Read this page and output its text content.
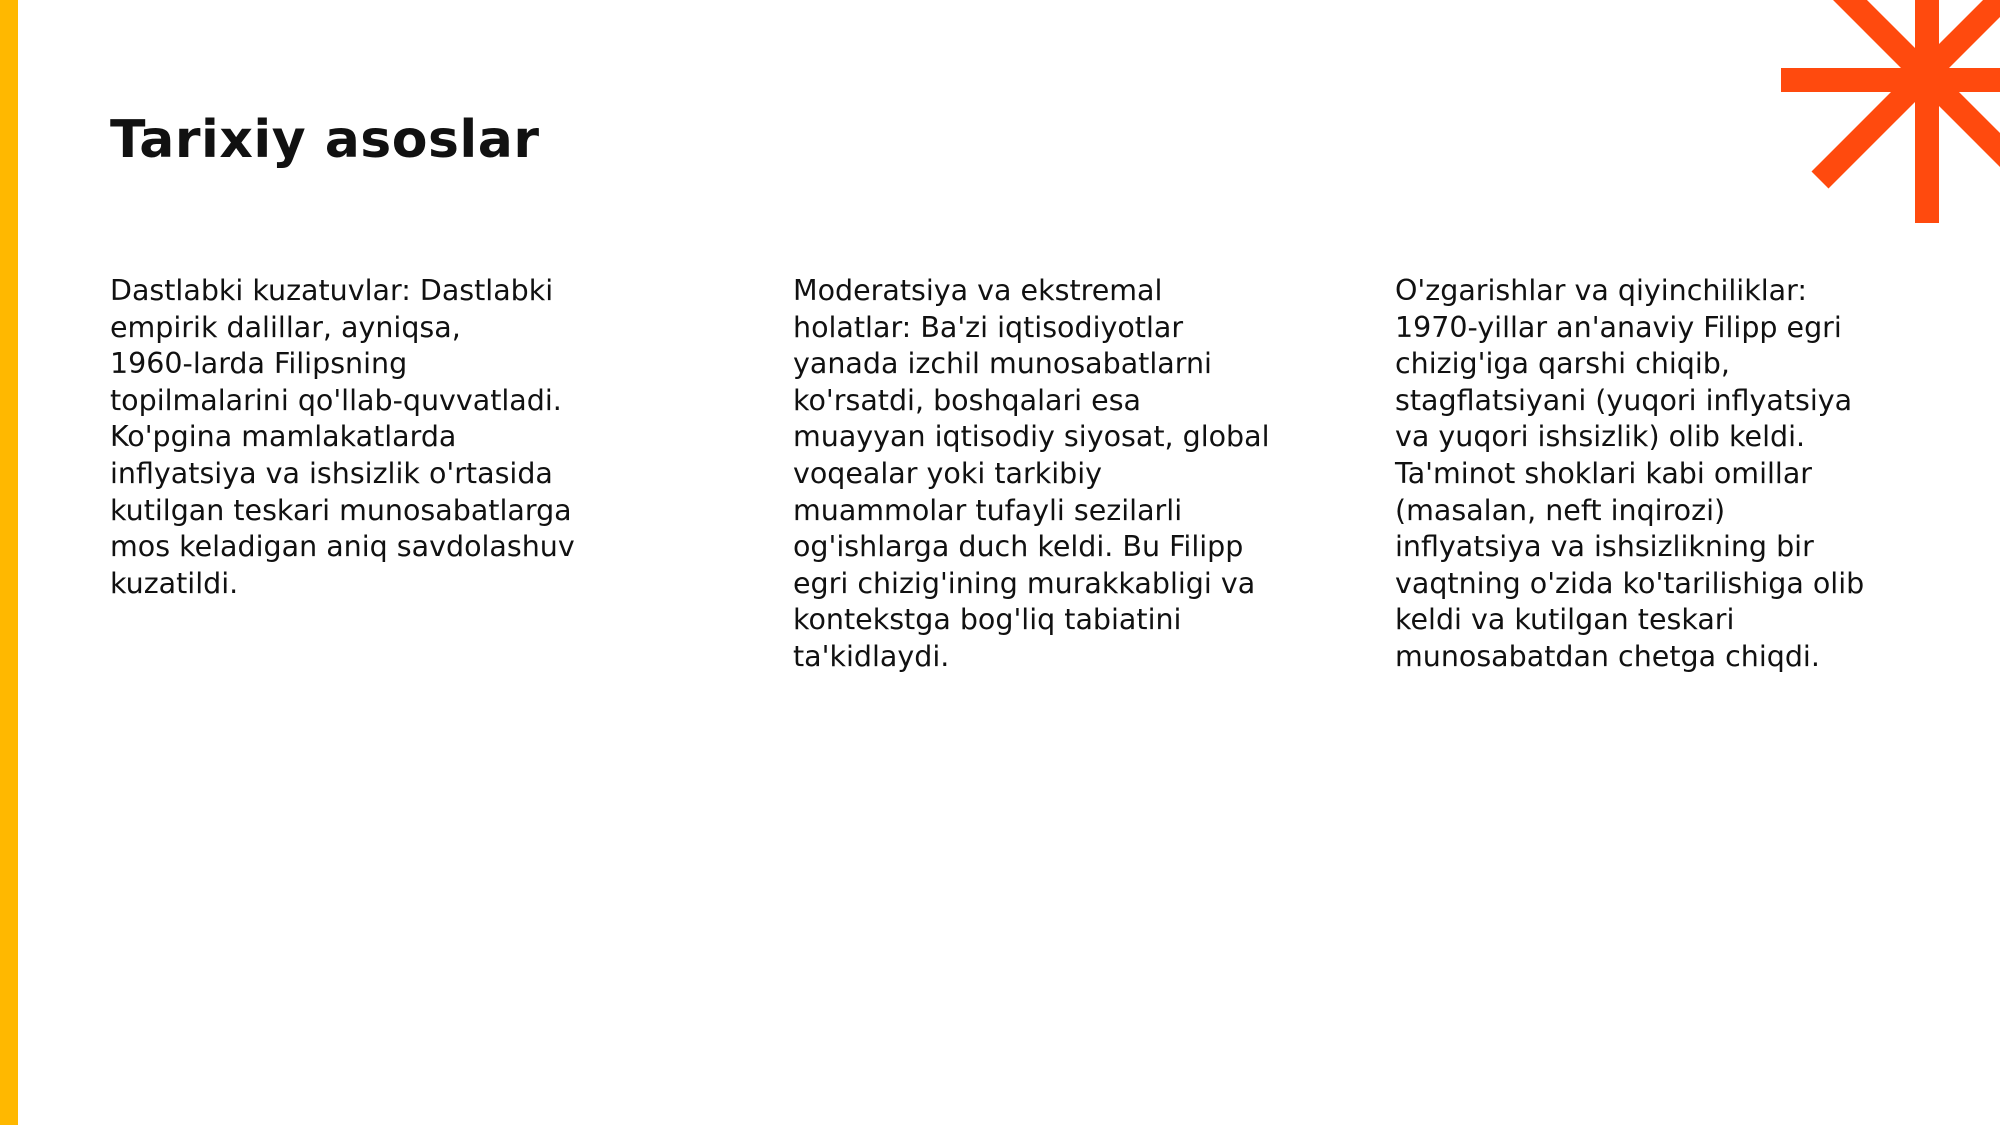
Tarixiy asoslar
Dastlabki kuzatuvlar: Dastlabki
empirik dalillar, ayniqsa,
1960-larda Filipsning
topilmalarini qo'llab-quvvatladi.
Ko'pgina mamlakatlarda
inflyatsiya va ishsizlik o'rtasida
kutilgan teskari munosabatlarga
mos keladigan aniq savdolashuv
kuzatildi.
Moderatsiya va ekstremal
holatlar: Ba'zi iqtisodiyotlar
yanada izchil munosabatlarni
ko'rsatdi, boshqalari esa
muayyan iqtisodiy siyosat, global
voqealar yoki tarkibiy
muammolar tufayli sezilarli
og'ishlarga duch keldi. Bu Filipp
egri chizig'ining murakkabligi va
kontekstga bog'liq tabiatini
ta'kidlaydi.
O'zgarishlar va qiyinchiliklar:
1970-yillar an'anaviy Filipp egri
chizig'iga qarshi chiqib,
stagflatsiyani (yuqori inflyatsiya
va yuqori ishsizlik) olib keldi.
Ta'minot shoklari kabi omillar
(masalan, neft inqirozi)
inflyatsiya va ishsizlikning bir
vaqtning o'zida ko'tarilishiga olib
keldi va kutilgan teskari
munosabatdan chetga chiqdi.
